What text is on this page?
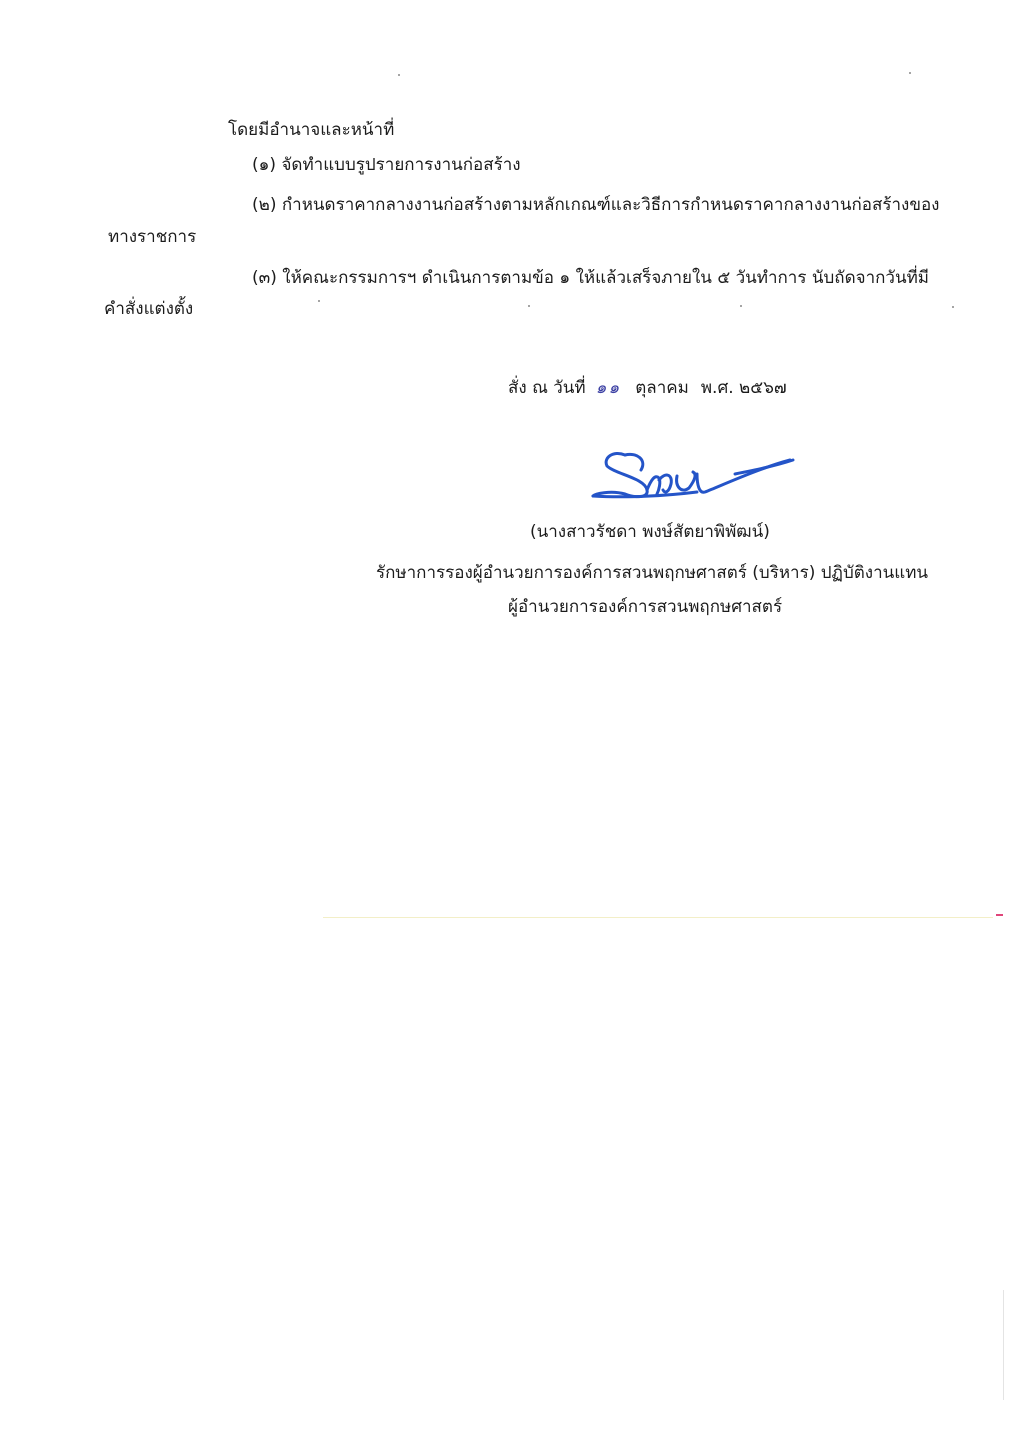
โดยมีอำนาจและหน้าที่
(๑) จัดทำแบบรูปรายการงานก่อสร้าง
(๒) กำหนดราคากลางงานก่อสร้างตามหลักเกณฑ์และวิธีการกำหนดราคากลางงานก่อสร้างของ
ทางราชการ
(๓) ให้คณะกรรมการฯ ดำเนินการตามข้อ ๑ ให้แล้วเสร็จภายใน ๕ วันทำการ นับถัดจากวันที่มี
คำสั่งแต่งตั้ง
สั่ง ณ วันที่ ๑๑ ตุลาคม พ.ศ. ๒๕๖๗
(นางสาวรัชดา พงษ์สัตยาพิพัฒน์)
รักษาการรองผู้อำนวยการองค์การสวนพฤกษศาสตร์ (บริหาร) ปฏิบัติงานแทน
ผู้อำนวยการองค์การสวนพฤกษศาสตร์
